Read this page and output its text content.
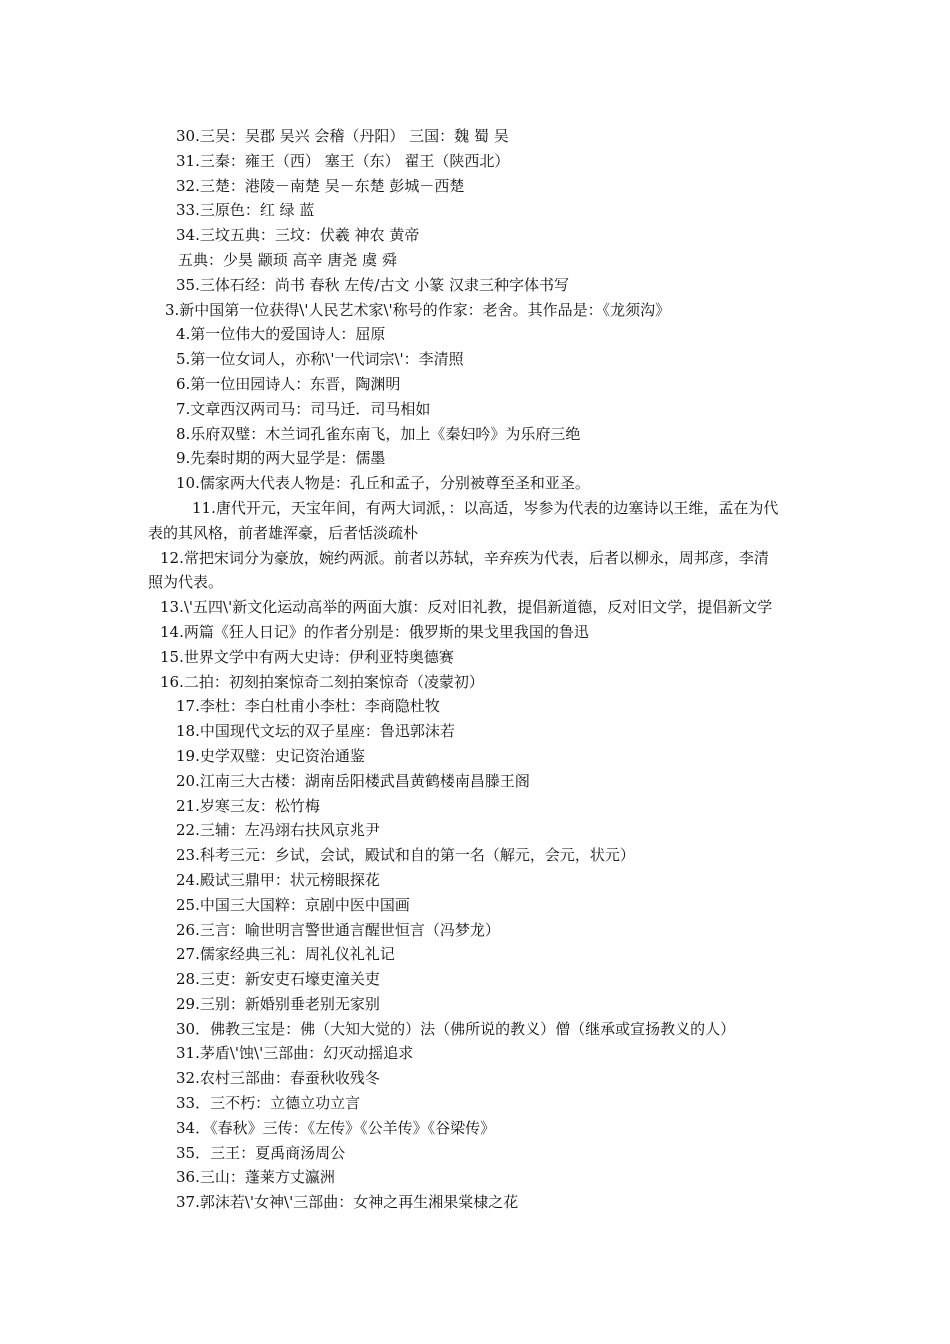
30.三吴：吴郡 吴兴 会稽（丹阳） 三国：魏 蜀 吴
31.三秦：雍王（西） 塞王（东） 翟王（陕西北）
32.三楚：港陵－南楚 吴－东楚 彭城－西楚
33.三原色：红 绿 蓝
34.三坟五典：三坟：伏羲 神农 黄帝
五典：少昊 颛顼 高辛 唐尧 虞 舜
35.三体石经：尚书 春秋 左传/古文 小篆 汉隶三种字体书写
3.新中国第一位获得\'人民艺术家\'称号的作家：老舍。其作品是：《龙须沟》
4.第一位伟大的爱国诗人：屈原
5.第一位女词人，亦称\'一代词宗\'：李清照
6.第一位田园诗人：东晋，陶渊明
7.文章西汉两司马：司马迁．司马相如
8.乐府双璧：木兰词孔雀东南飞，加上《秦妇吟》为乐府三绝
9.先秦时期的两大显学是：儒墨
10.儒家两大代表人物是：孔丘和孟子，分别被尊至圣和亚圣。
11.唐代开元，天宝年间，有两大词派，：以高适，岑参为代表的边塞诗以王维，孟在为代
表的其风格，前者雄浑豪，后者恬淡疏朴
12.常把宋词分为豪放，婉约两派。前者以苏轼，辛弃疾为代表，后者以柳永，周邦彦，李清
照为代表。
13.\'五四\'新文化运动高举的两面大旗：反对旧礼教，提倡新道德，反对旧文学，提倡新文学
14.两篇《狂人日记》的作者分别是：俄罗斯的果戈里我国的鲁迅
15.世界文学中有两大史诗：伊利亚特奥德赛
16.二拍：初刻拍案惊奇二刻拍案惊奇（凌蒙初）
17.李杜：李白杜甫小李杜：李商隐杜牧
18.中国现代文坛的双子星座：鲁迅郭沫若
19.史学双璧：史记资治通鉴
20.江南三大古楼：湖南岳阳楼武昌黄鹤楼南昌滕王阁
21.岁寒三友：松竹梅
22.三辅：左冯翊右扶风京兆尹
23.科考三元：乡试，会试，殿试和自的第一名（解元，会元，状元）
24.殿试三鼎甲：状元榜眼探花
25.中国三大国粹：京剧中医中国画
26.三言：喻世明言警世通言醒世恒言（冯梦龙）
27.儒家经典三礼：周礼仪礼礼记
28.三吏：新安吏石壕吏潼关吏
29.三别：新婚别垂老别无家别
30．佛教三宝是：佛（大知大觉的）法（佛所说的教义）僧（继承或宣扬教义的人）
31.茅盾\'蚀\'三部曲：幻灭动摇追求
32.农村三部曲：春蚕秋收残冬
33．三不朽：立德立功立言
34．《春秋》三传：《左传》《公羊传》《谷梁传》
35．三王：夏禹商汤周公
36.三山：蓬莱方丈瀛洲
37.郭沫若\'女神\'三部曲：女神之再生湘果棠棣之花
